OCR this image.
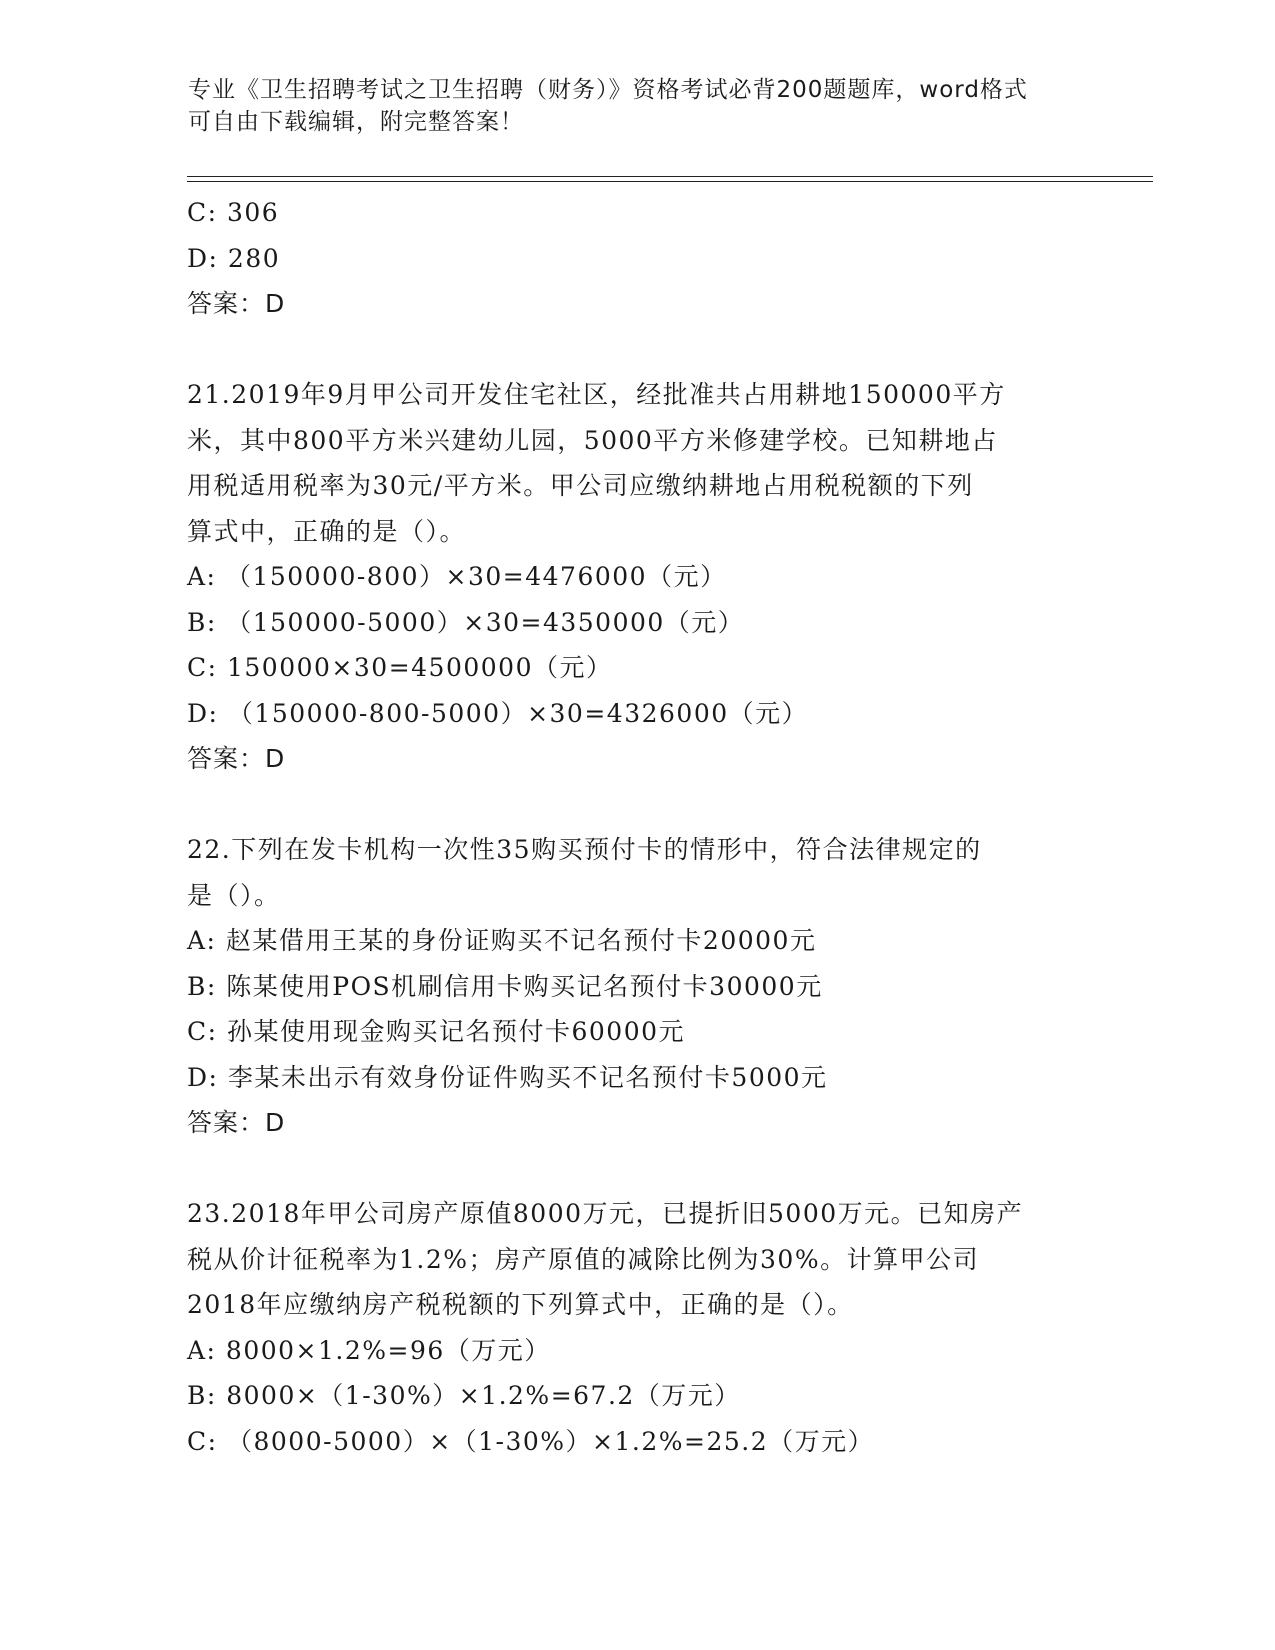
专业《卫生招聘考试之卫生招聘（财务）》资格考试必背200题题库，word格式
可自由下载编辑，附完整答案！
C: 306
D: 280
答案：D
21.2019年9月甲公司开发住宅社区，经批准共占用耕地150000平方
米，其中800平方米兴建幼儿园，5000平方米修建学校。已知耕地占
用税适用税率为30元/平方米。甲公司应缴纳耕地占用税税额的下列
算式中，正确的是（）。
A: （150000-800）×30=4476000（元）
B: （150000-5000）×30=4350000（元）
C: 150000×30=4500000（元）
D: （150000-800-5000）×30=4326000（元）
答案：D
22.下列在发卡机构一次性35购买预付卡的情形中，符合法律规定的
是（）。
A: 赵某借用王某的身份证购买不记名预付卡20000元
B: 陈某使用POS机刷信用卡购买记名预付卡30000元
C: 孙某使用现金购买记名预付卡60000元
D: 李某未出示有效身份证件购买不记名预付卡5000元
答案：D
23.2018年甲公司房产原值8000万元，已提折旧5000万元。已知房产
税从价计征税率为1.2%；房产原值的减除比例为30%。计算甲公司
2018年应缴纳房产税税额的下列算式中，正确的是（）。
A: 8000×1.2%=96（万元）
B: 8000×（1-30%）×1.2%=67.2（万元）
C: （8000-5000）×（1-30%）×1.2%=25.2（万元）
